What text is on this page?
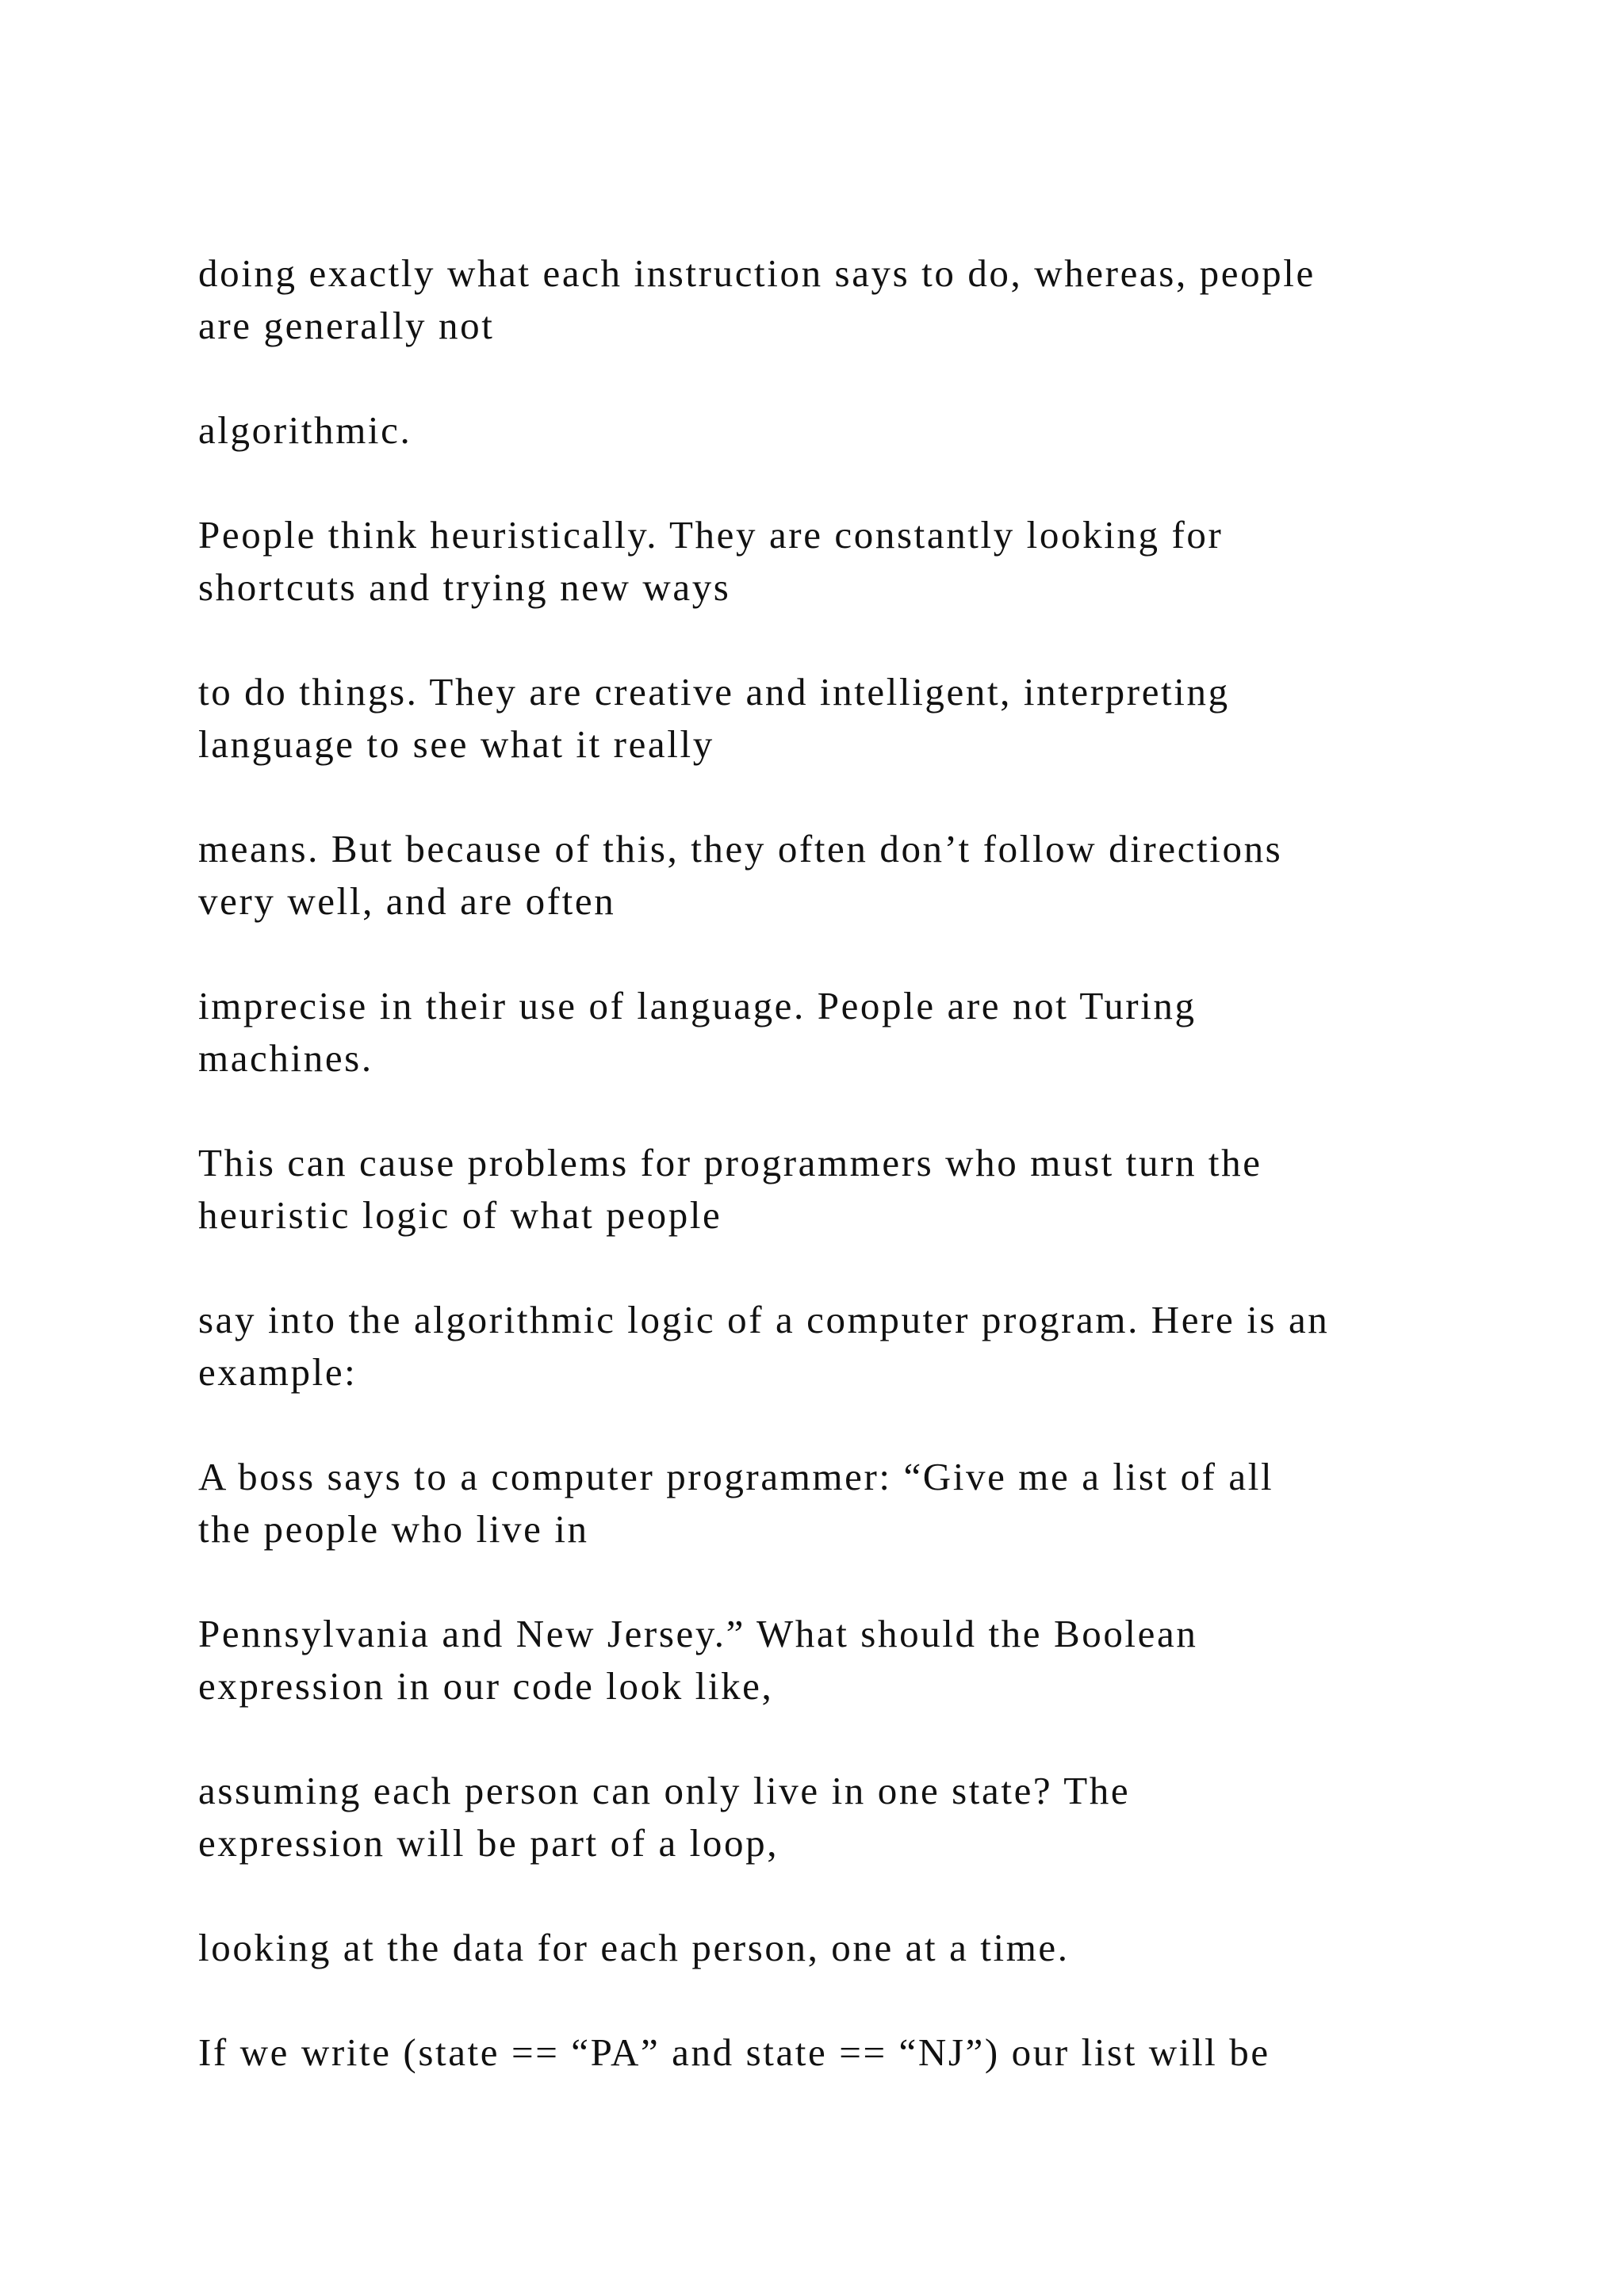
doing exactly what each instruction says to do, whereas, people
are generally not

algorithmic.

People think heuristically. They are constantly looking for
shortcuts and trying new ways

to do things. They are creative and intelligent, interpreting
language to see what it really

means. But because of this, they often don’t follow directions
very well, and are often

imprecise in their use of language. People are not Turing
machines.

This can cause problems for programmers who must turn the
heuristic logic of what people

say into the algorithmic logic of a computer program. Here is an
example:

A boss says to a computer programmer: “Give me a list of all
the people who live in

Pennsylvania and New Jersey.” What should the Boolean
expression in our code look like,

assuming each person can only live in one state? The
expression will be part of a loop,

looking at the data for each person, one at a time.

If we write (state == “PA” and state == “NJ”) our list will be
